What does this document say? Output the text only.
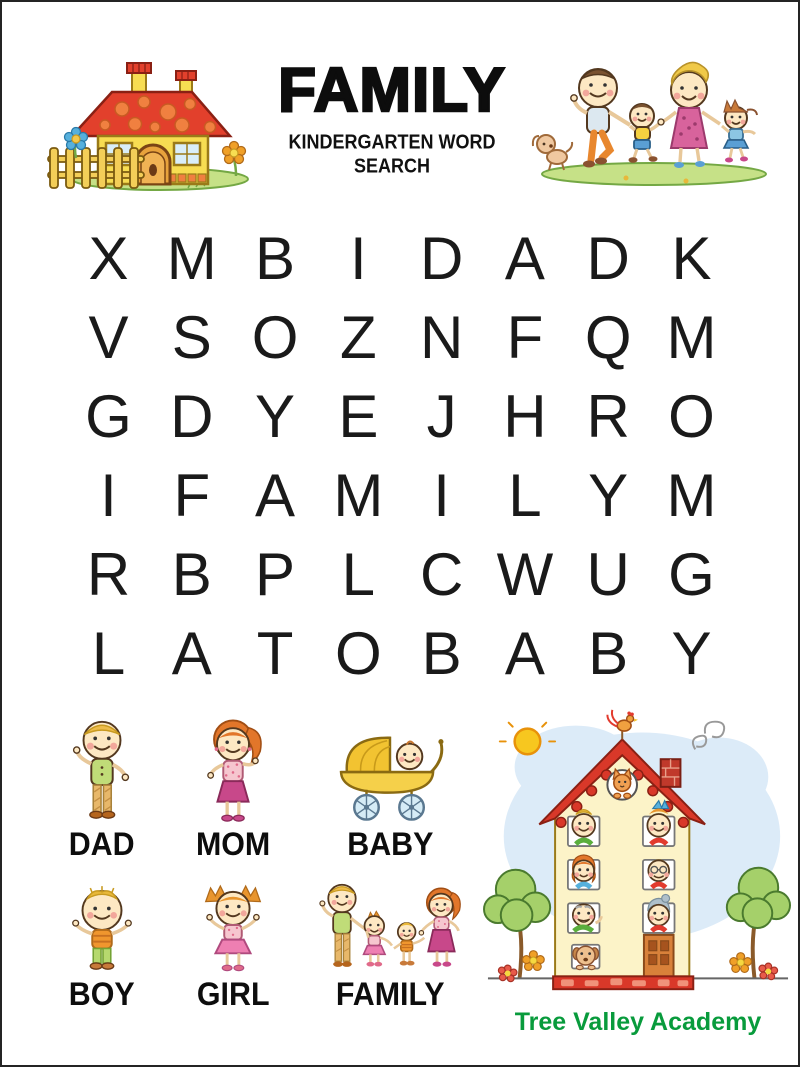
FAMILY
KINDERGARTEN WORD SEARCH
X M B I D A D K
V S O Z N F Q M
G D Y E J H R O
I F A M I L Y M
R B P L C W U G
L A T O B A B Y
DAD MOM BABY
BOY GIRL FAMILY
Tree Valley Academy
